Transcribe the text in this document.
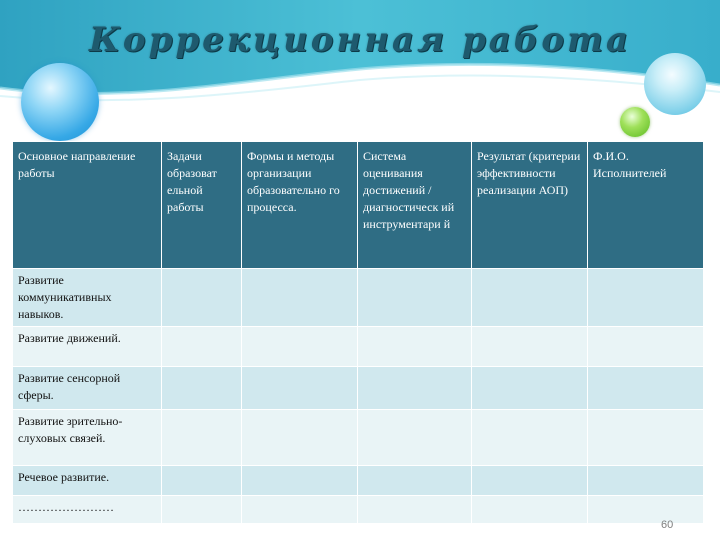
Коррекционная работа
Основное направление работы	Задачи образоват ельной работы	Формы и методы организации образовательно го процесса.	Система оценивания достижений / диагностическ ий инструментари й	Результат (критерии эффективности реализации АОП)	Ф.И.О. Исполнителей
Развитие коммуникативных навыков.					
Развитие движений.					
Развитие сенсорной сферы.					
Развитие зрительно-слуховых связей.					
Речевое развитие.					
……………………					
60
